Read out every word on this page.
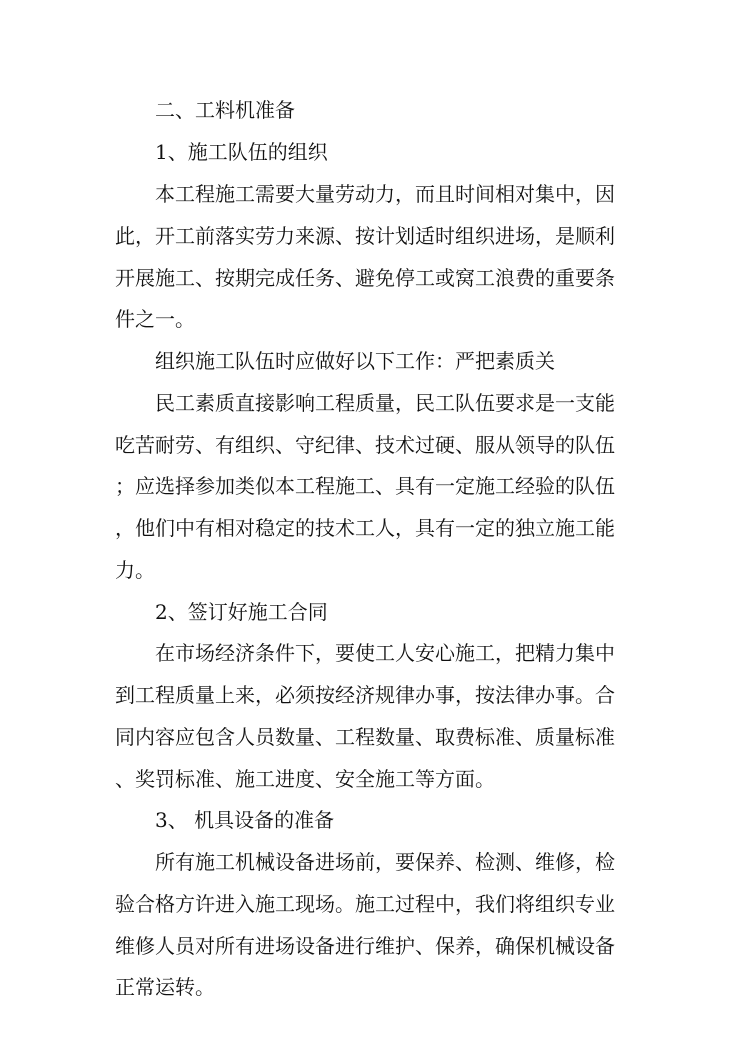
二、工料机准备
1、施工队伍的组织
本工程施工需要大量劳动力，而且时间相对集中，因
此，开工前落实劳力来源、按计划适时组织进场，是顺利
开展施工、按期完成任务、避免停工或窝工浪费的重要条
件之一。
组织施工队伍时应做好以下工作：严把素质关
民工素质直接影响工程质量，民工队伍要求是一支能
吃苦耐劳、有组织、守纪律、技术过硬、服从领导的队伍
；应选择参加类似本工程施工、具有一定施工经验的队伍
，他们中有相对稳定的技术工人，具有一定的独立施工能
力。
2、签订好施工合同
在市场经济条件下，要使工人安心施工，把精力集中
到工程质量上来，必须按经济规律办事，按法律办事。合
同内容应包含人员数量、工程数量、取费标准、质量标准
、奖罚标准、施工进度、安全施工等方面。
3、 机具设备的准备
所有施工机械设备进场前，要保养、检测、维修，检
验合格方许进入施工现场。施工过程中，我们将组织专业
维修人员对所有进场设备进行维护、保养，确保机械设备
正常运转。
